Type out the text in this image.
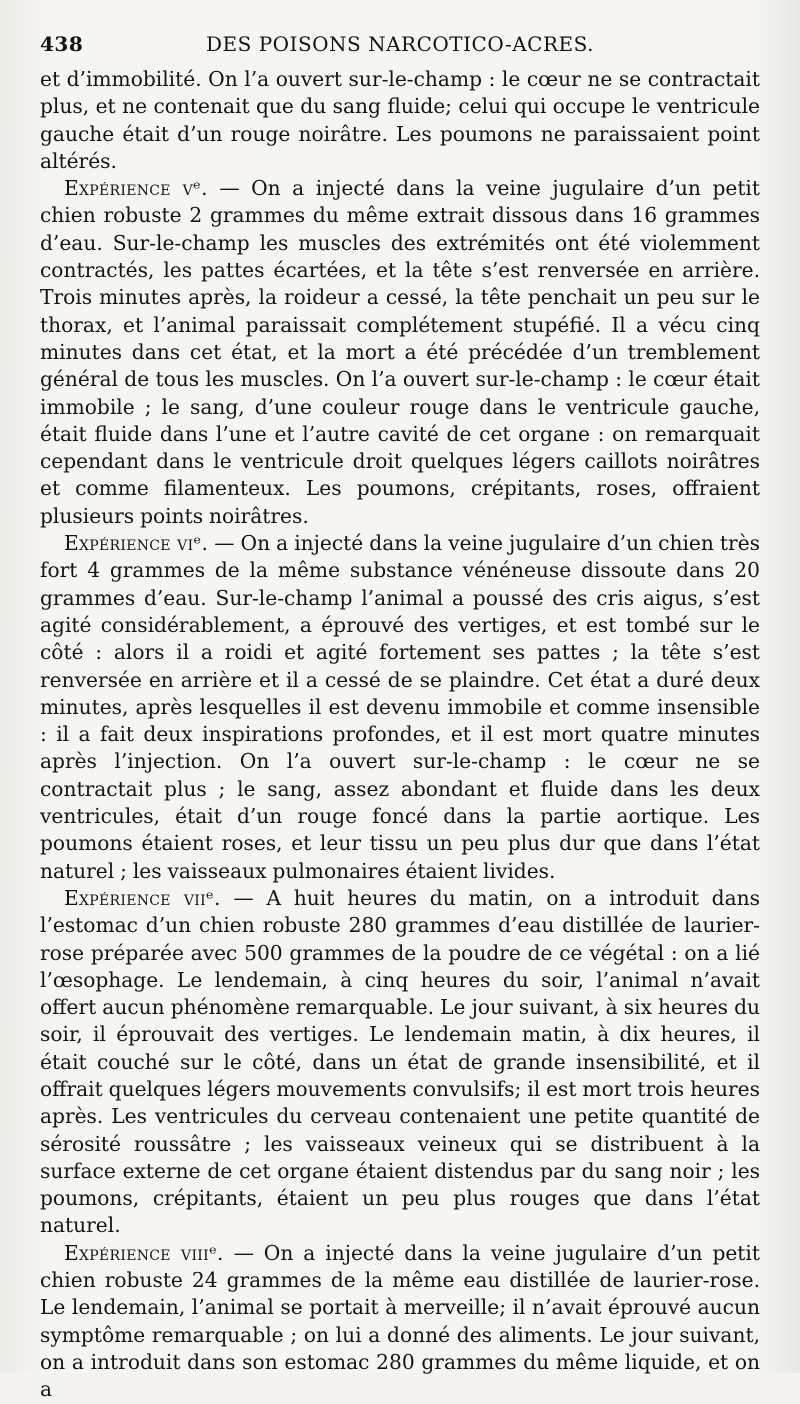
438	DES POISONS NARCOTICO-ACRES.

et d’immobilité. On l’a ouvert sur-le-champ : le cœur ne se contractait plus, et ne contenait que du sang fluide; celui qui occupe le ventricule gauche était d’un rouge noirâtre. Les poumons ne paraissaient point altérés.

Expérience vᵉ. — On a injecté dans la veine jugulaire d’un petit chien robuste 2 grammes du même extrait dissous dans 16 grammes d’eau. Sur-le-champ les muscles des extrémités ont été violemment contractés, les pattes écartées, et la tête s’est renversée en arrière. Trois minutes après, la roideur a cessé, la tête penchait un peu sur le thorax, et l’animal paraissait complétement stupéfié. Il a vécu cinq minutes dans cet état, et la mort a été précédée d’un tremblement général de tous les muscles. On l’a ouvert sur-le-champ : le cœur était immobile ; le sang, d’une couleur rouge dans le ventricule gauche, était fluide dans l’une et l’autre cavité de cet organe : on remarquait cependant dans le ventricule droit quelques légers caillots noirâtres et comme filamenteux. Les poumons, crépitants, roses, offraient plusieurs points noirâtres.

Expérience viᵉ. — On a injecté dans la veine jugulaire d’un chien très fort 4 grammes de la même substance vénéneuse dissoute dans 20 grammes d’eau. Sur-le-champ l’animal a poussé des cris aigus, s’est agité considérablement, a éprouvé des vertiges, et est tombé sur le côté : alors il a roidi et agité fortement ses pattes ; la tête s’est renversée en arrière et il a cessé de se plaindre. Cet état a duré deux minutes, après lesquelles il est devenu immobile et comme insensible : il a fait deux inspirations profondes, et il est mort quatre minutes après l’injection. On l’a ouvert sur-le-champ : le cœur ne se contractait plus ; le sang, assez abondant et fluide dans les deux ventricules, était d’un rouge foncé dans la partie aortique. Les poumons étaient roses, et leur tissu un peu plus dur que dans l’état naturel ; les vaisseaux pulmonaires étaient livides.

Expérience viiᵉ. — A huit heures du matin, on a introduit dans l’estomac d’un chien robuste 280 grammes d’eau distillée de laurier-rose préparée avec 500 grammes de la poudre de ce végétal : on a lié l’œsophage. Le lendemain, à cinq heures du soir, l’animal n’avait offert aucun phénomène remarquable. Le jour suivant, à six heures du soir, il éprouvait des vertiges. Le lendemain matin, à dix heures, il était couché sur le côté, dans un état de grande insensibilité, et il offrait quelques légers mouvements convulsifs; il est mort trois heures après. Les ventricules du cerveau contenaient une petite quantité de sérosité roussâtre ; les vaisseaux veineux qui se distribuent à la surface externe de cet organe étaient distendus par du sang noir ; les poumons, crépitants, étaient un peu plus rouges que dans l’état naturel.

Expérience viiiᵉ. — On a injecté dans la veine jugulaire d’un petit chien robuste 24 grammes de la même eau distillée de laurier-rose. Le lendemain, l’animal se portait à merveille; il n’avait éprouvé aucun symptôme remarquable ; on lui a donné des aliments. Le jour suivant, on a introduit dans son estomac 280 grammes du même liquide, et on a
